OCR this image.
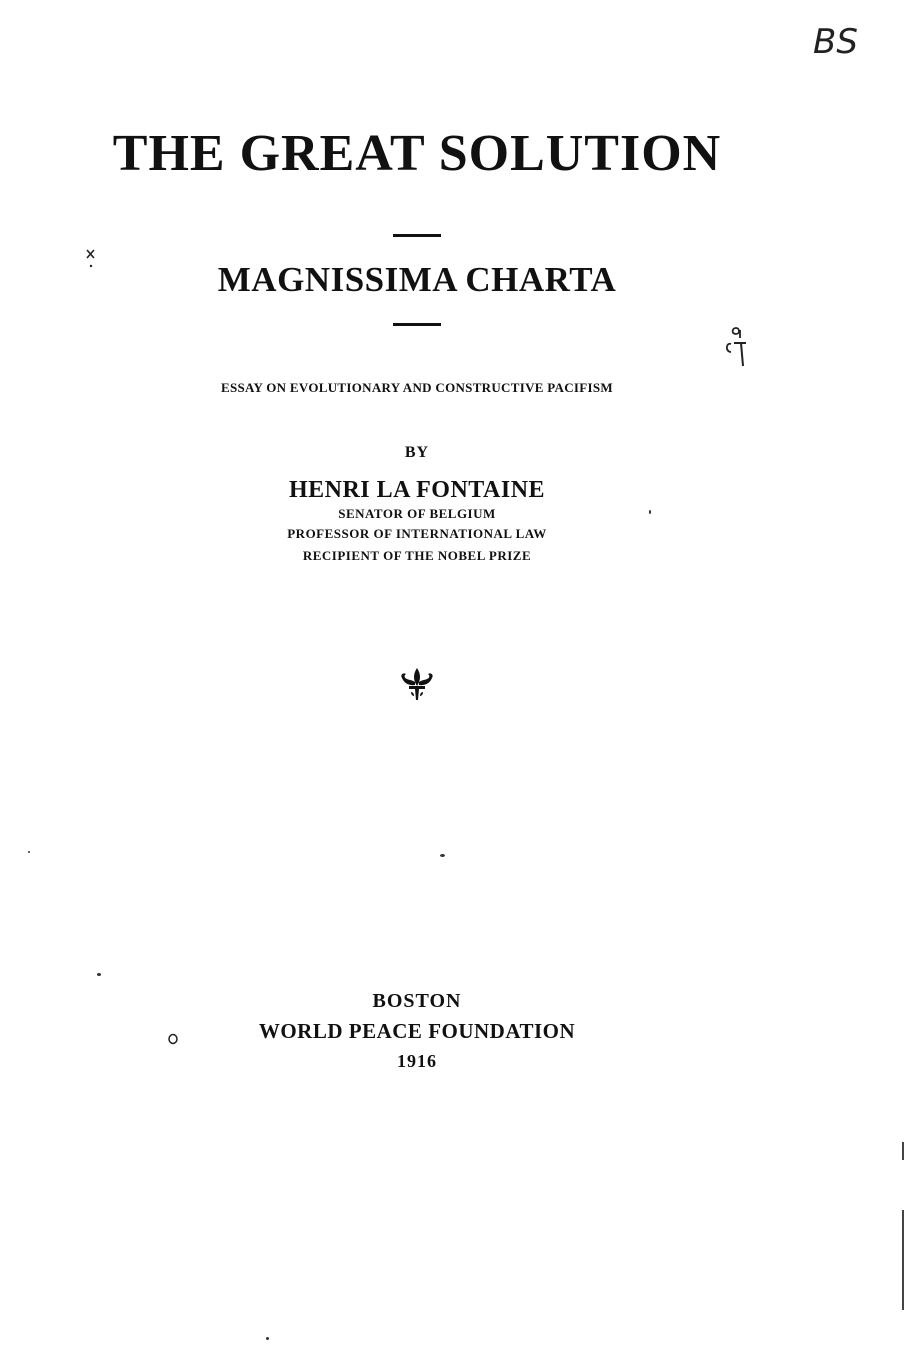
THE GREAT SOLUTION
MAGNISSIMA CHARTA
ESSAY ON EVOLUTIONARY AND CONSTRUCTIVE PACIFISM
BY
HENRI LA FONTAINE
SENATOR OF BELGIUM
PROFESSOR OF INTERNATIONAL LAW
RECIPIENT OF THE NOBEL PRIZE
BOSTON
WORLD PEACE FOUNDATION
1916
BS
